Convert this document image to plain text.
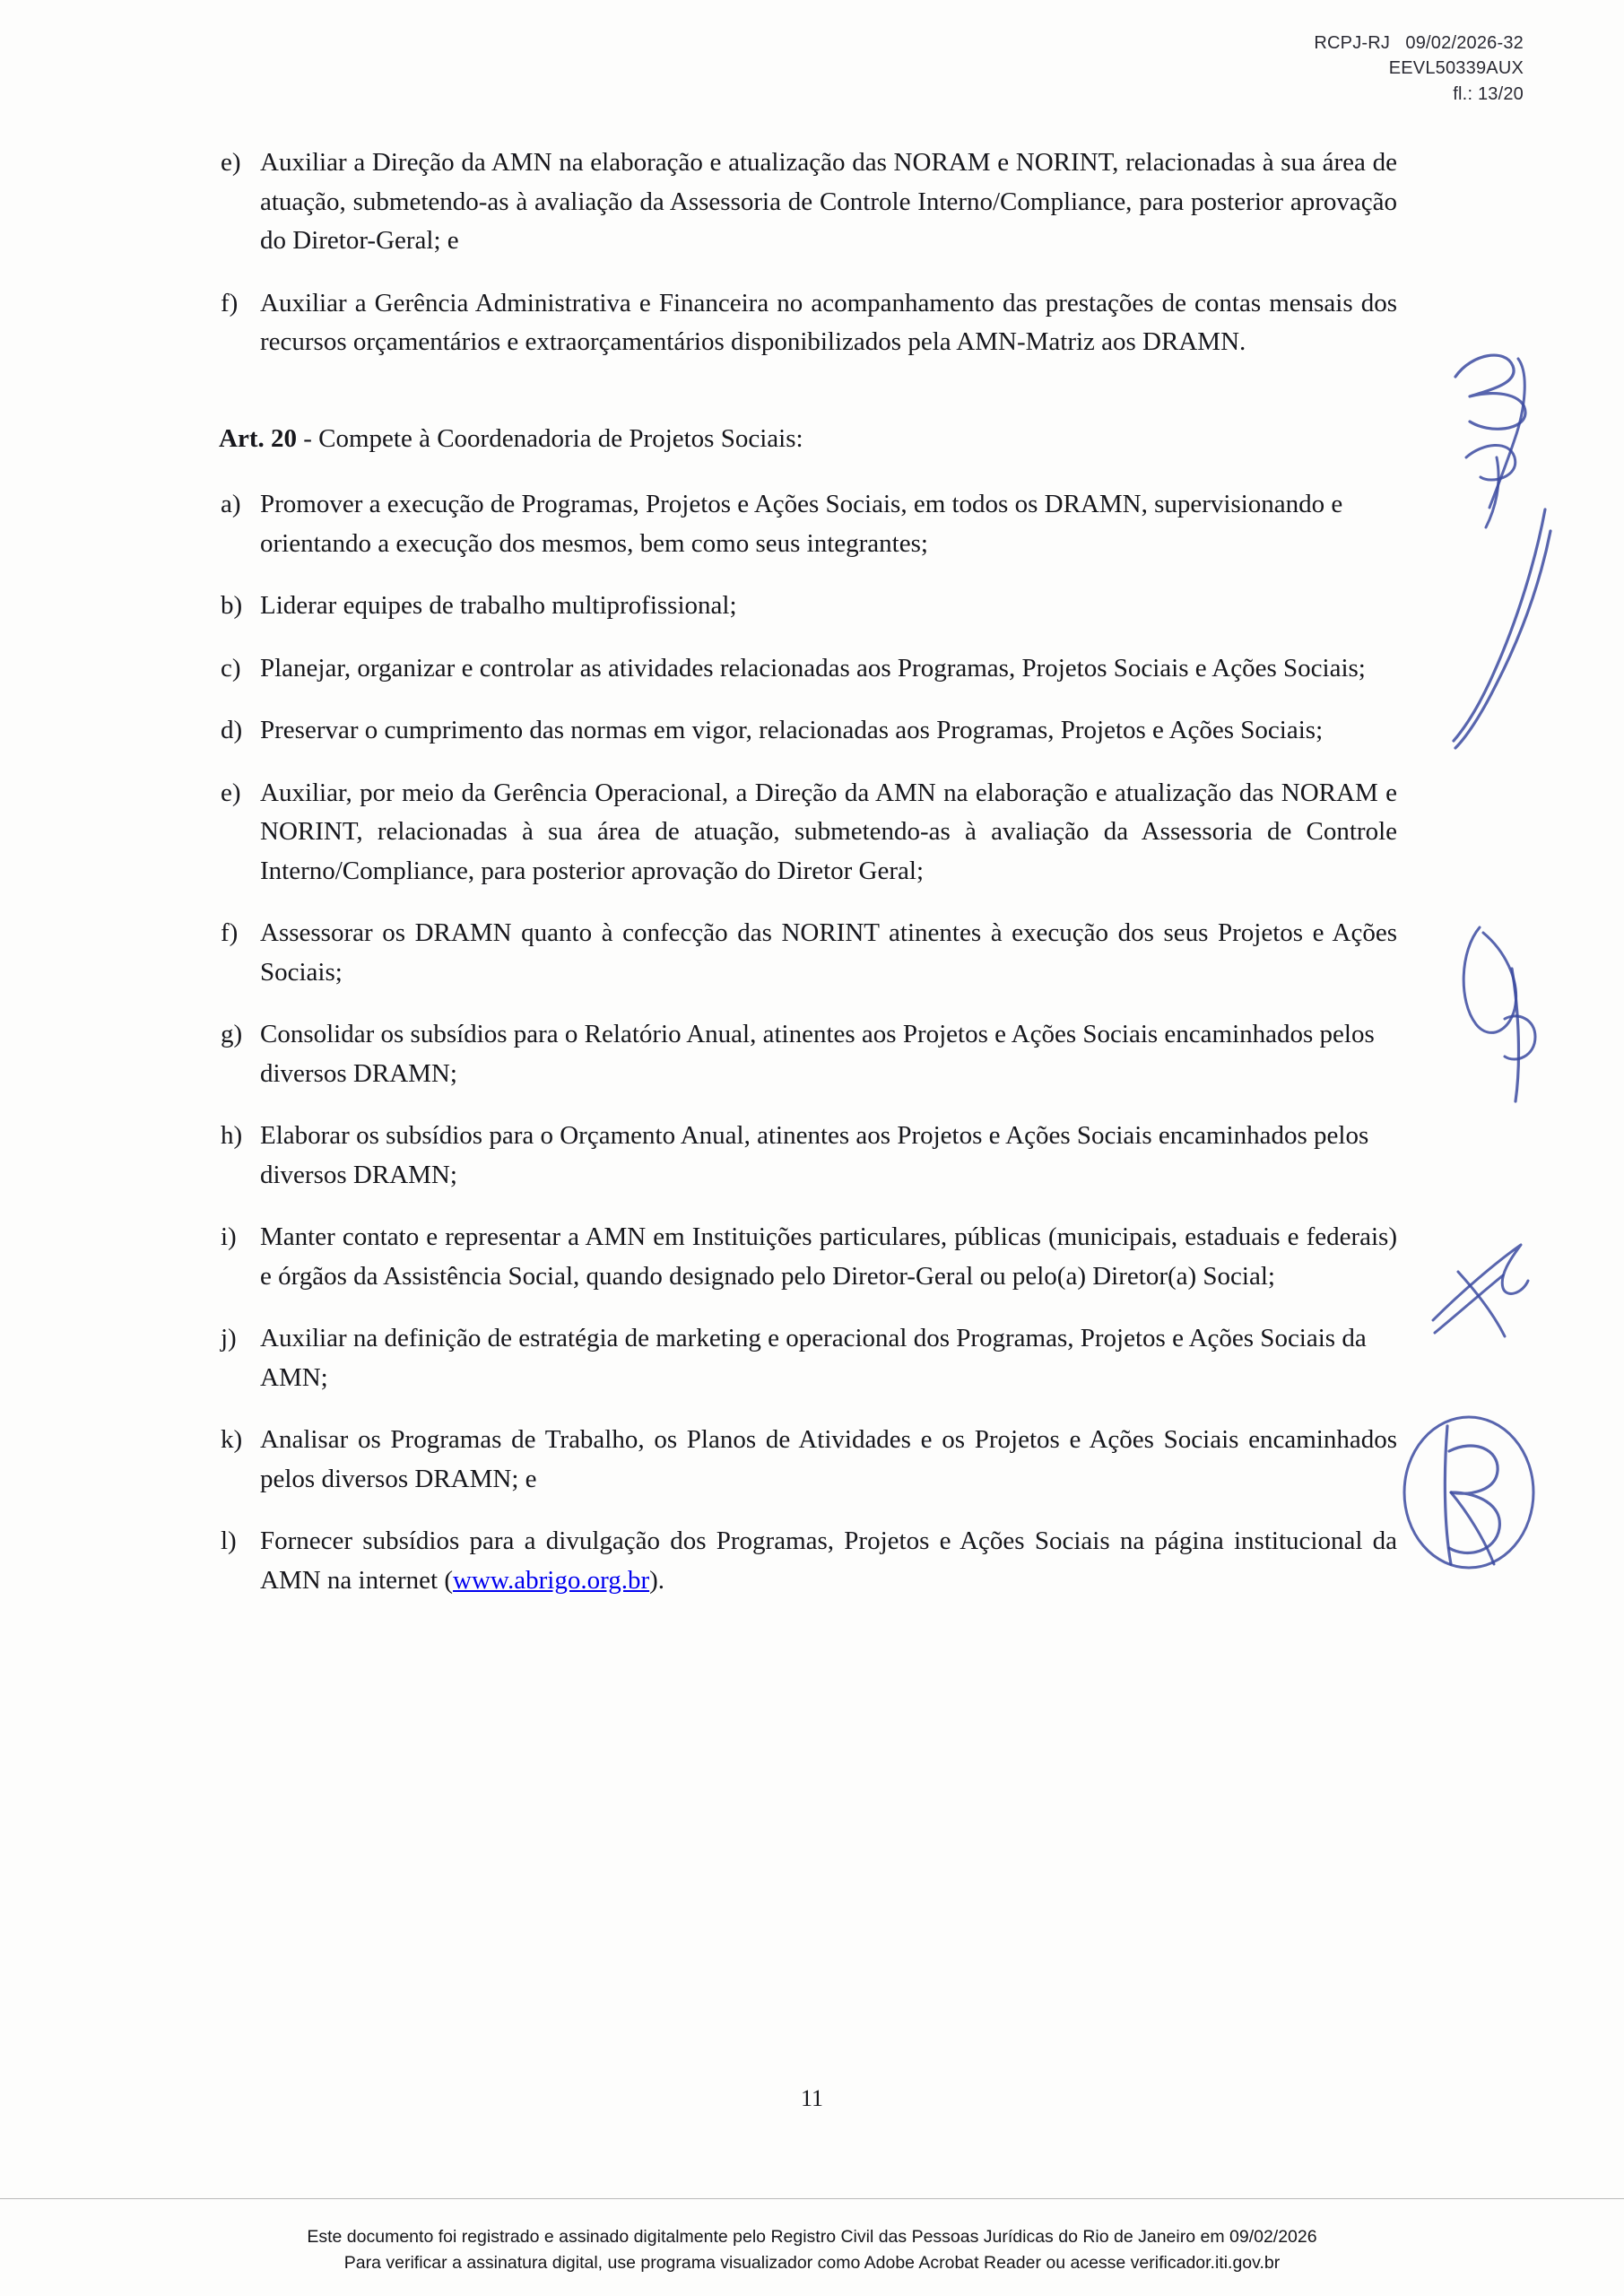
RCPJ-RJ   09/02/2026-32
EEVL50339AUX
fl.: 13/20
e) Auxiliar a Direção da AMN na elaboração e atualização das NORAM e NORINT, relacionadas à sua área de atuação, submetendo-as à avaliação da Assessoria de Controle Interno/Compliance, para posterior aprovação do Diretor-Geral; e
f) Auxiliar a Gerência Administrativa e Financeira no acompanhamento das prestações de contas mensais dos recursos orçamentários e extraorçamentários disponibilizados pela AMN-Matriz aos DRAMN.
Art. 20 - Compete à Coordenadoria de Projetos Sociais:
a) Promover a execução de Programas, Projetos e Ações Sociais, em todos os DRAMN, supervisionando e orientando a execução dos mesmos, bem como seus integrantes;
b) Liderar equipes de trabalho multiprofissional;
c) Planejar, organizar e controlar as atividades relacionadas aos Programas, Projetos Sociais e Ações Sociais;
d) Preservar o cumprimento das normas em vigor, relacionadas aos Programas, Projetos e Ações Sociais;
e) Auxiliar, por meio da Gerência Operacional, a Direção da AMN na elaboração e atualização das NORAM e NORINT, relacionadas à sua área de atuação, submetendo-as à avaliação da Assessoria de Controle Interno/Compliance, para posterior aprovação do Diretor Geral;
f) Assessorar os DRAMN quanto à confecção das NORINT atinentes à execução dos seus Projetos e Ações Sociais;
g) Consolidar os subsídios para o Relatório Anual, atinentes aos Projetos e Ações Sociais encaminhados pelos diversos DRAMN;
h) Elaborar os subsídios para o Orçamento Anual, atinentes aos Projetos e Ações Sociais encaminhados pelos diversos DRAMN;
i) Manter contato e representar a AMN em Instituições particulares, públicas (municipais, estaduais e federais) e órgãos da Assistência Social, quando designado pelo Diretor-Geral ou pelo(a) Diretor(a) Social;
j) Auxiliar na definição de estratégia de marketing e operacional dos Programas, Projetos e Ações Sociais da AMN;
k) Analisar os Programas de Trabalho, os Planos de Atividades e os Projetos e Ações Sociais encaminhados pelos diversos DRAMN; e
l) Fornecer subsídios para a divulgação dos Programas, Projetos e Ações Sociais na página institucional da AMN na internet (www.abrigo.org.br).
11
Este documento foi registrado e assinado digitalmente pelo Registro Civil das Pessoas Jurídicas do Rio de Janeiro em 09/02/2026
Para verificar a assinatura digital, use programa visualizador como Adobe Acrobat Reader ou acesse verificador.iti.gov.br
